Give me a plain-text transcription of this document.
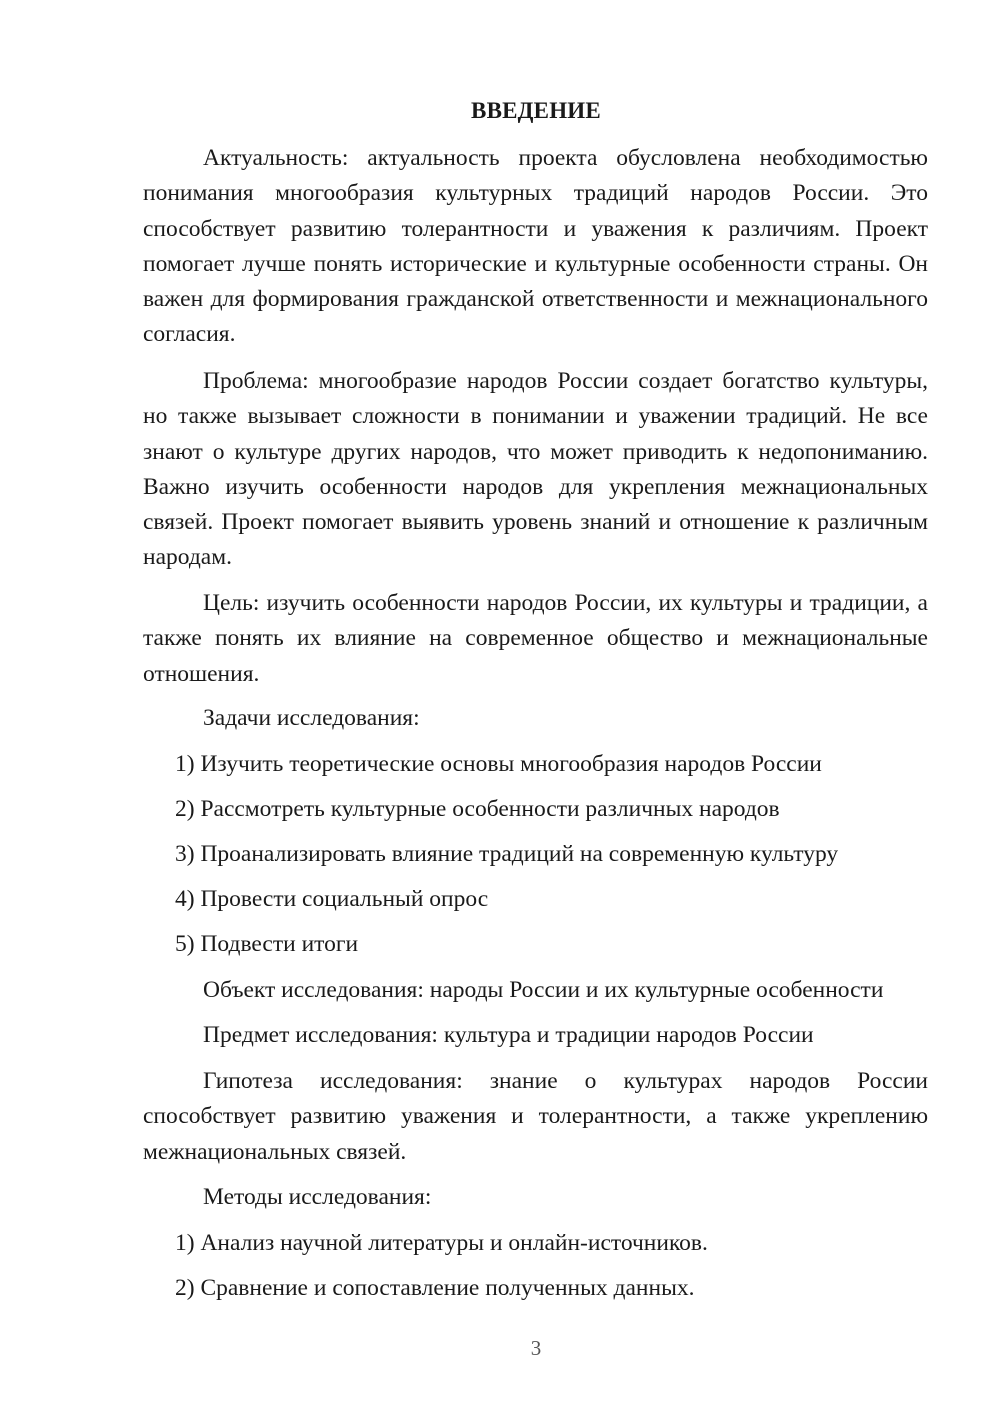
ВВЕДЕНИЕ

Актуальность: актуальность проекта обусловлена необходимостью понимания многообразия культурных традиций народов России. Это способствует развитию толерантности и уважения к различиям. Проект помогает лучше понять исторические и культурные особенности страны. Он важен для формирования гражданской ответственности и межнационального согласия.

Проблема: многообразие народов России создает богатство культуры, но также вызывает сложности в понимании и уважении традиций. Не все знают о культуре других народов, что может приводить к недопониманию. Важно изучить особенности народов для укрепления межнациональных связей. Проект помогает выявить уровень знаний и отношение к различным народам.

Цель: изучить особенности народов России, их культуры и традиции, а также понять их влияние на современное общество и межнациональные отношения.

Задачи исследования:

1) Изучить теоретические основы многообразия народов России

2) Рассмотреть культурные особенности различных народов

3) Проанализировать влияние традиций на современную культуру

4) Провести социальный опрос

5) Подвести итоги

Объект исследования: народы России и их культурные особенности

Предмет исследования: культура и традиции народов России

Гипотеза исследования: знание о культурах народов России способствует развитию уважения и толерантности, а также укреплению межнациональных связей.

Методы исследования:

1) Анализ научной литературы и онлайн-источников.

2) Сравнение и сопоставление полученных данных.

3
